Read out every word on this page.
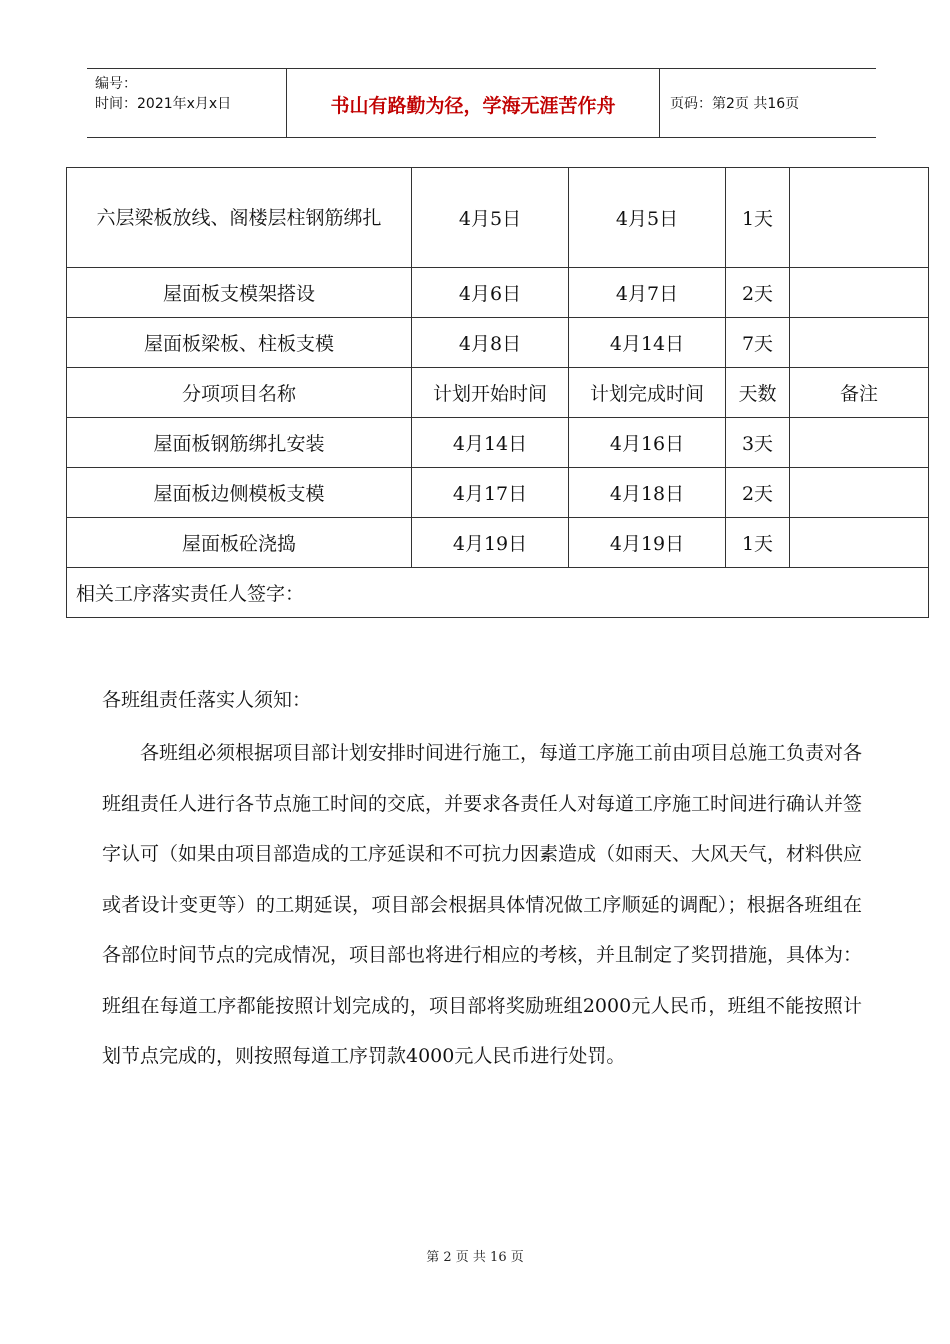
编号：
时间：2021年x月x日	书山有路勤为径，学海无涯苦作舟	页码：第2页 共16页
六层梁板放线、阁楼层柱钢筋绑扎	4月5日	4月5日	1天	
屋面板支模架搭设	4月6日	4月7日	2天	
屋面板梁板、柱板支模	4月8日	4月14日	7天	
分项项目名称	计划开始时间	计划完成时间	天数	备注
屋面板钢筋绑扎安装	4月14日	4月16日	3天	
屋面板边侧模板支模	4月17日	4月18日	2天	
屋面板砼浇捣	4月19日	4月19日	1天	
相关工序落实责任人签字：				
各班组责任落实人须知：
各班组必须根据项目部计划安排时间进行施工，每道工序施工前由项目总施工负责对各班组责任人进行各节点施工时间的交底，并要求各责任人对每道工序施工时间进行确认并签字认可（如果由项目部造成的工序延误和不可抗力因素造成（如雨天、大风天气，材料供应或者设计变更等）的工期延误，项目部会根据具体情况做工序顺延的调配）；根据各班组在各部位时间节点的完成情况，项目部也将进行相应的考核，并且制定了奖罚措施，具体为：班组在每道工序都能按照计划完成的，项目部将奖励班组2000元人民币，班组不能按照计划节点完成的，则按照每道工序罚款4000元人民币进行处罚。
第 2 页 共 16 页
